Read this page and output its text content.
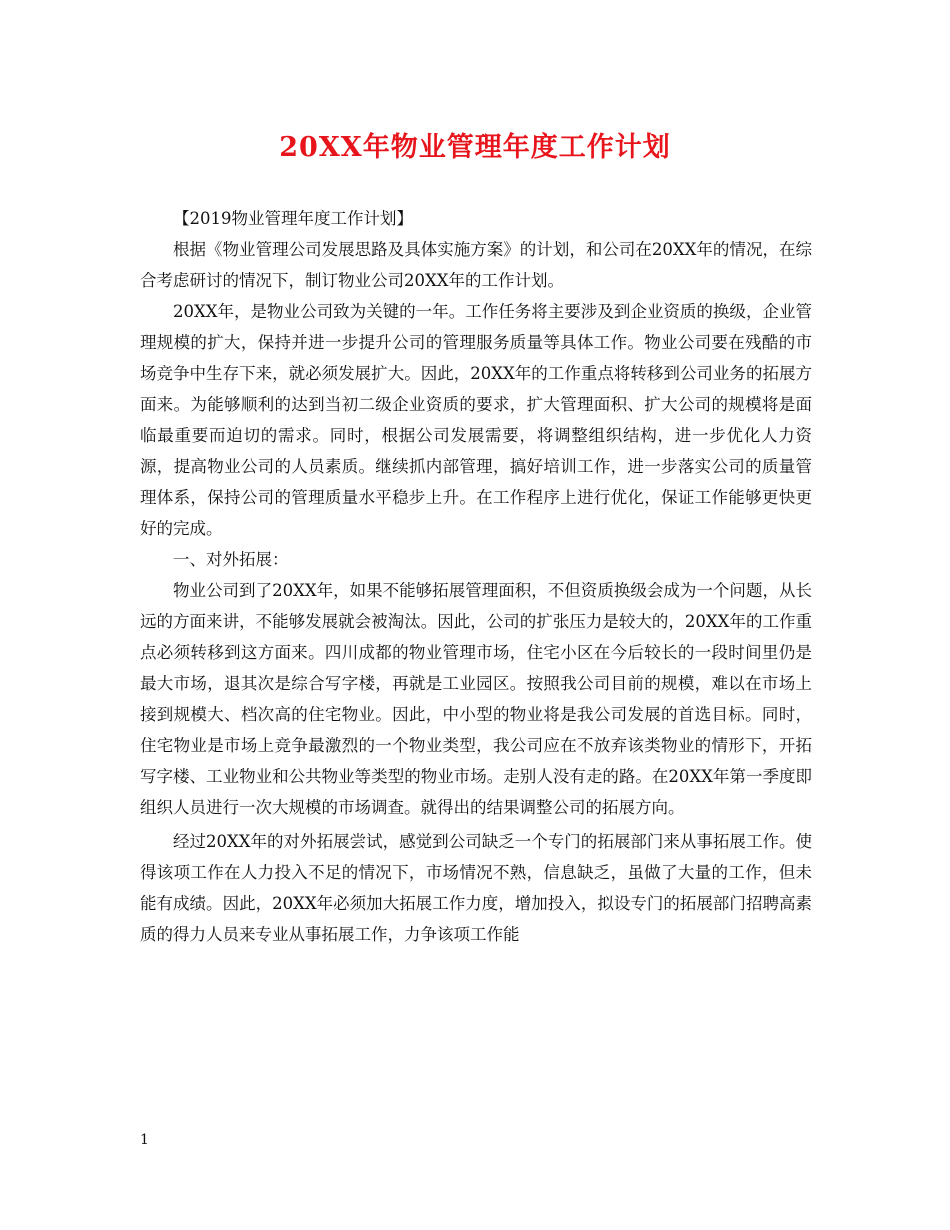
20XX年物业管理年度工作计划

【2019物业管理年度工作计划】

根据《物业管理公司发展思路及具体实施方案》的计划，和公司在20XX年的情况，在综合考虑研讨的情况下，制订物业公司20XX年的工作计划。

20XX年，是物业公司致为关键的一年。工作任务将主要涉及到企业资质的换级，企业管理规模的扩大，保持并进一步提升公司的管理服务质量等具体工作。物业公司要在残酷的市场竞争中生存下来，就必须发展扩大。因此，20XX年的工作重点将转移到公司业务的拓展方面来。为能够顺利的达到当初二级企业资质的要求，扩大管理面积、扩大公司的规模将是面临最重要而迫切的需求。同时，根据公司发展需要，将调整组织结构，进一步优化人力资源，提高物业公司的人员素质。继续抓内部管理，搞好培训工作，进一步落实公司的质量管理体系，保持公司的管理质量水平稳步上升。在工作程序上进行优化，保证工作能够更快更好的完成。

一、对外拓展：

物业公司到了20XX年，如果不能够拓展管理面积，不但资质换级会成为一个问题，从长远的方面来讲，不能够发展就会被淘汰。因此，公司的扩张压力是较大的，20XX年的工作重点必须转移到这方面来。四川成都的物业管理市场，住宅小区在今后较长的一段时间里仍是最大市场，退其次是综合写字楼，再就是工业园区。按照我公司目前的规模，难以在市场上接到规模大、档次高的住宅物业。因此，中小型的物业将是我公司发展的首选目标。同时，住宅物业是市场上竞争最激烈的一个物业类型，我公司应在不放弃该类物业的情形下，开拓写字楼、工业物业和公共物业等类型的物业市场。走别人没有走的路。在20XX年第一季度即组织人员进行一次大规模的市场调查。就得出的结果调整公司的拓展方向。

经过20XX年的对外拓展尝试，感觉到公司缺乏一个专门的拓展部门来从事拓展工作。使得该项工作在人力投入不足的情况下，市场情况不熟，信息缺乏，虽做了大量的工作，但未能有成绩。因此，20XX年必须加大拓展工作力度，增加投入，拟设专门的拓展部门招聘高素质的得力人员来专业从事拓展工作，力争该项工作能

1
